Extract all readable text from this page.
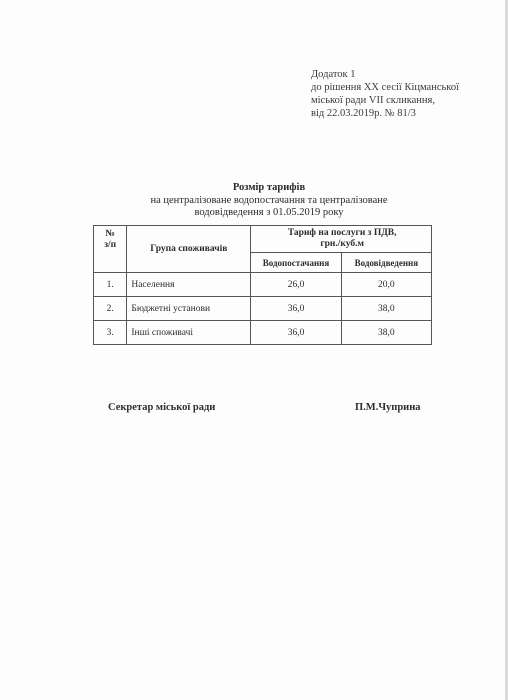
Додаток 1
до рішення ХХ сесії Кіцманської
міської ради VІІ скликання,
від 22.03.2019р. № 81/3
Розмір тарифів
на централізоване водопостачання та централізоване
водовідведення з 01.05.2019 року
№
з/п	Група споживачів	Тариф на послуги з ПДВ,
грн./куб.м	

		Водопостачання	Водовідведення
1.	Населення	26,0	20,0
2.	Бюджетні установи	36,0	38,0
3.	Інші споживачі	36,0	38,0
Секретар міської ради	П.М.Чуприна
